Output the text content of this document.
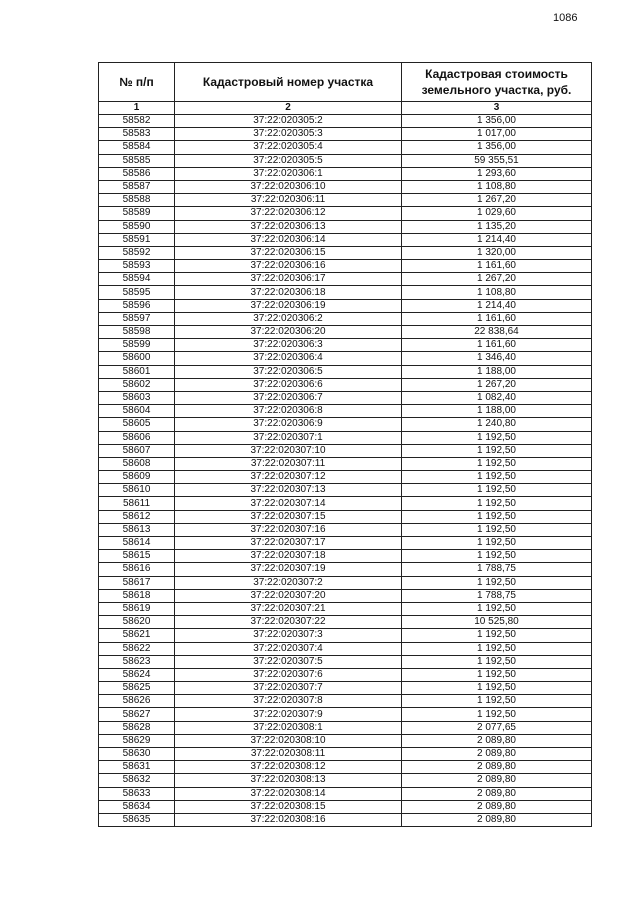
1086
№ п/п	Кадастровый номер участка	Кадастровая стоимость земельного участка, руб.
1	2	3
58582	37:22:020305:2	1 356,00
58583	37:22:020305:3	1 017,00
58584	37:22:020305:4	1 356,00
58585	37:22:020305:5	59 355,51
58586	37:22:020306:1	1 293,60
58587	37:22:020306:10	1 108,80
58588	37:22:020306:11	1 267,20
58589	37:22:020306:12	1 029,60
58590	37:22:020306:13	1 135,20
58591	37:22:020306:14	1 214,40
58592	37:22:020306:15	1 320,00
58593	37:22:020306:16	1 161,60
58594	37:22:020306:17	1 267,20
58595	37:22:020306:18	1 108,80
58596	37:22:020306:19	1 214,40
58597	37:22:020306:2	1 161,60
58598	37:22:020306:20	22 838,64
58599	37:22:020306:3	1 161,60
58600	37:22:020306:4	1 346,40
58601	37:22:020306:5	1 188,00
58602	37:22:020306:6	1 267,20
58603	37:22:020306:7	1 082,40
58604	37:22:020306:8	1 188,00
58605	37:22:020306:9	1 240,80
58606	37:22:020307:1	1 192,50
58607	37:22:020307:10	1 192,50
58608	37:22:020307:11	1 192,50
58609	37:22:020307:12	1 192,50
58610	37:22:020307:13	1 192,50
58611	37:22:020307:14	1 192,50
58612	37:22:020307:15	1 192,50
58613	37:22:020307:16	1 192,50
58614	37:22:020307:17	1 192,50
58615	37:22:020307:18	1 192,50
58616	37:22:020307:19	1 788,75
58617	37:22:020307:2	1 192,50
58618	37:22:020307:20	1 788,75
58619	37:22:020307:21	1 192,50
58620	37:22:020307:22	10 525,80
58621	37:22:020307:3	1 192,50
58622	37:22:020307:4	1 192,50
58623	37:22:020307:5	1 192,50
58624	37:22:020307:6	1 192,50
58625	37:22:020307:7	1 192,50
58626	37:22:020307:8	1 192,50
58627	37:22:020307:9	1 192,50
58628	37:22:020308:1	2 077,65
58629	37:22:020308:10	2 089,80
58630	37:22:020308:11	2 089,80
58631	37:22:020308:12	2 089,80
58632	37:22:020308:13	2 089,80
58633	37:22:020308:14	2 089,80
58634	37:22:020308:15	2 089,80
58635	37:22:020308:16	2 089,80
